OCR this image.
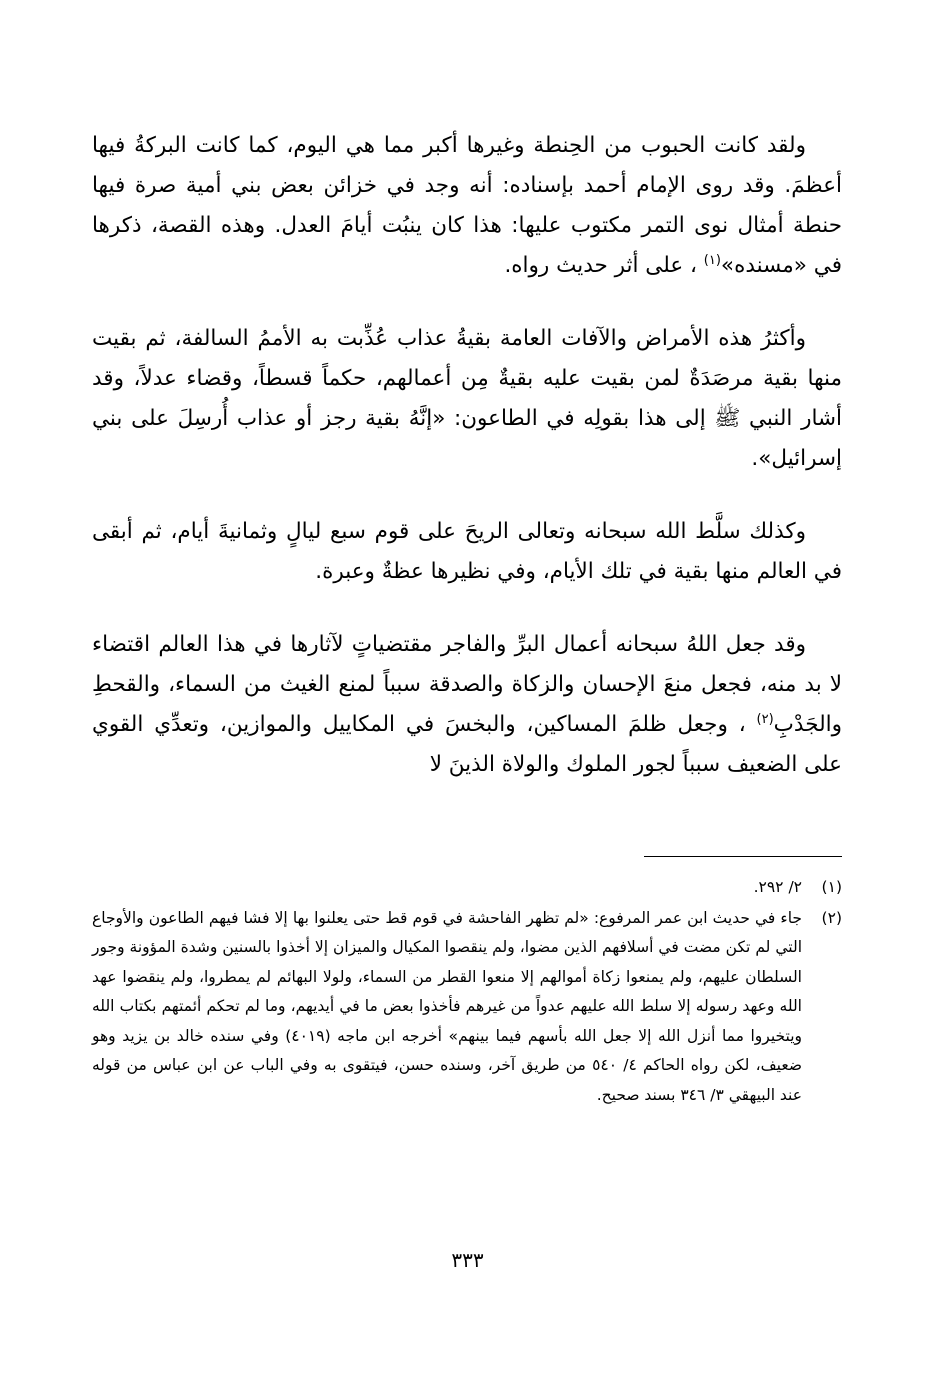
ولقد كانت الحبوب من الحِنطة وغيرها أكبر مما هي اليوم، كما كانت البركةُ فيها أعظمَ. وقد روى الإمام أحمد بإسناده: أنه وجد في خزائن بعض بني أمية صرة فيها حنطة أمثال نوى التمر مكتوب عليها: هذا كان ينبُت أيامَ العدل. وهذه القصة، ذكرها في «مسنده»$^{(١)}$ ، على أثر حديث رواه.

وأكثرُ هذه الأمراض والآفات العامة بقيةُ عذاب عُذِّبت به الأممُ السالفة، ثم بقيت منها بقية مرصَدَةٌ لمن بقيت عليه بقيةٌ مِن أعمالهم، حكماً قسطاً، وقضاء عدلاً، وقد أشار النبي ﷺ إلى هذا بقولِه في الطاعون: «إنَّهُ بقية رجز أو عذاب أُرسِلَ على بني إسرائيل».

وكذلك سلَّط الله سبحانه وتعالى الريحَ على قوم سبع ليالٍ وثمانيةَ أيام، ثم أبقى في العالم منها بقية في تلك الأيام، وفي نظيرها عظةٌ وعبرة.

وقد جعل اللهُ سبحانه أعمال البرِّ والفاجر مقتضياتٍ لآثارها في هذا العالم اقتضاء لا بد منه، فجعل منعَ الإحسان والزكاة والصدقة سبباً لمنع الغيث من السماء، والقحطِ والجَدْبِ$^{(٢)}$ ، وجعل ظلمَ المساكين، والبخسَ في المكاييل والموازين، وتعدِّي القوي على الضعيف سبباً لجور الملوك والولاة الذينَ لا

(١)
٢/ ٢٩٢.
(٢)
جاء في حديث ابن عمر المرفوع: «لم تظهر الفاحشة في قوم قط حتى يعلنوا بها إلا فشا فيهم الطاعون والأوجاع التي لم تكن مضت في أسلافهم الذين مضوا، ولم ينقصوا المكيال والميزان إلا أخذوا بالسنين وشدة المؤونة وجور السلطان عليهم، ولم يمنعوا زكاة أموالهم إلا منعوا القطر من السماء، ولولا البهائم لم يمطروا، ولم ينقضوا عهد الله وعهد رسوله إلا سلط الله عليهم عدواً من غيرهم فأخذوا بعض ما في أيديهم، وما لم تحكم أئمتهم بكتاب الله ويتخيروا مما أنزل الله إلا جعل الله بأسهم فيما بينهم» أخرجه ابن ماجه (٤٠١٩) وفي سنده خالد بن يزيد وهو ضعيف، لكن رواه الحاكم ٤/ ٥٤٠ من طريق آخر، وسنده حسن، فيتقوى به وفي الباب عن ابن عباس من قوله عند البيهقي ٣/ ٣٤٦ بسند صحيح.
٣٣٣
